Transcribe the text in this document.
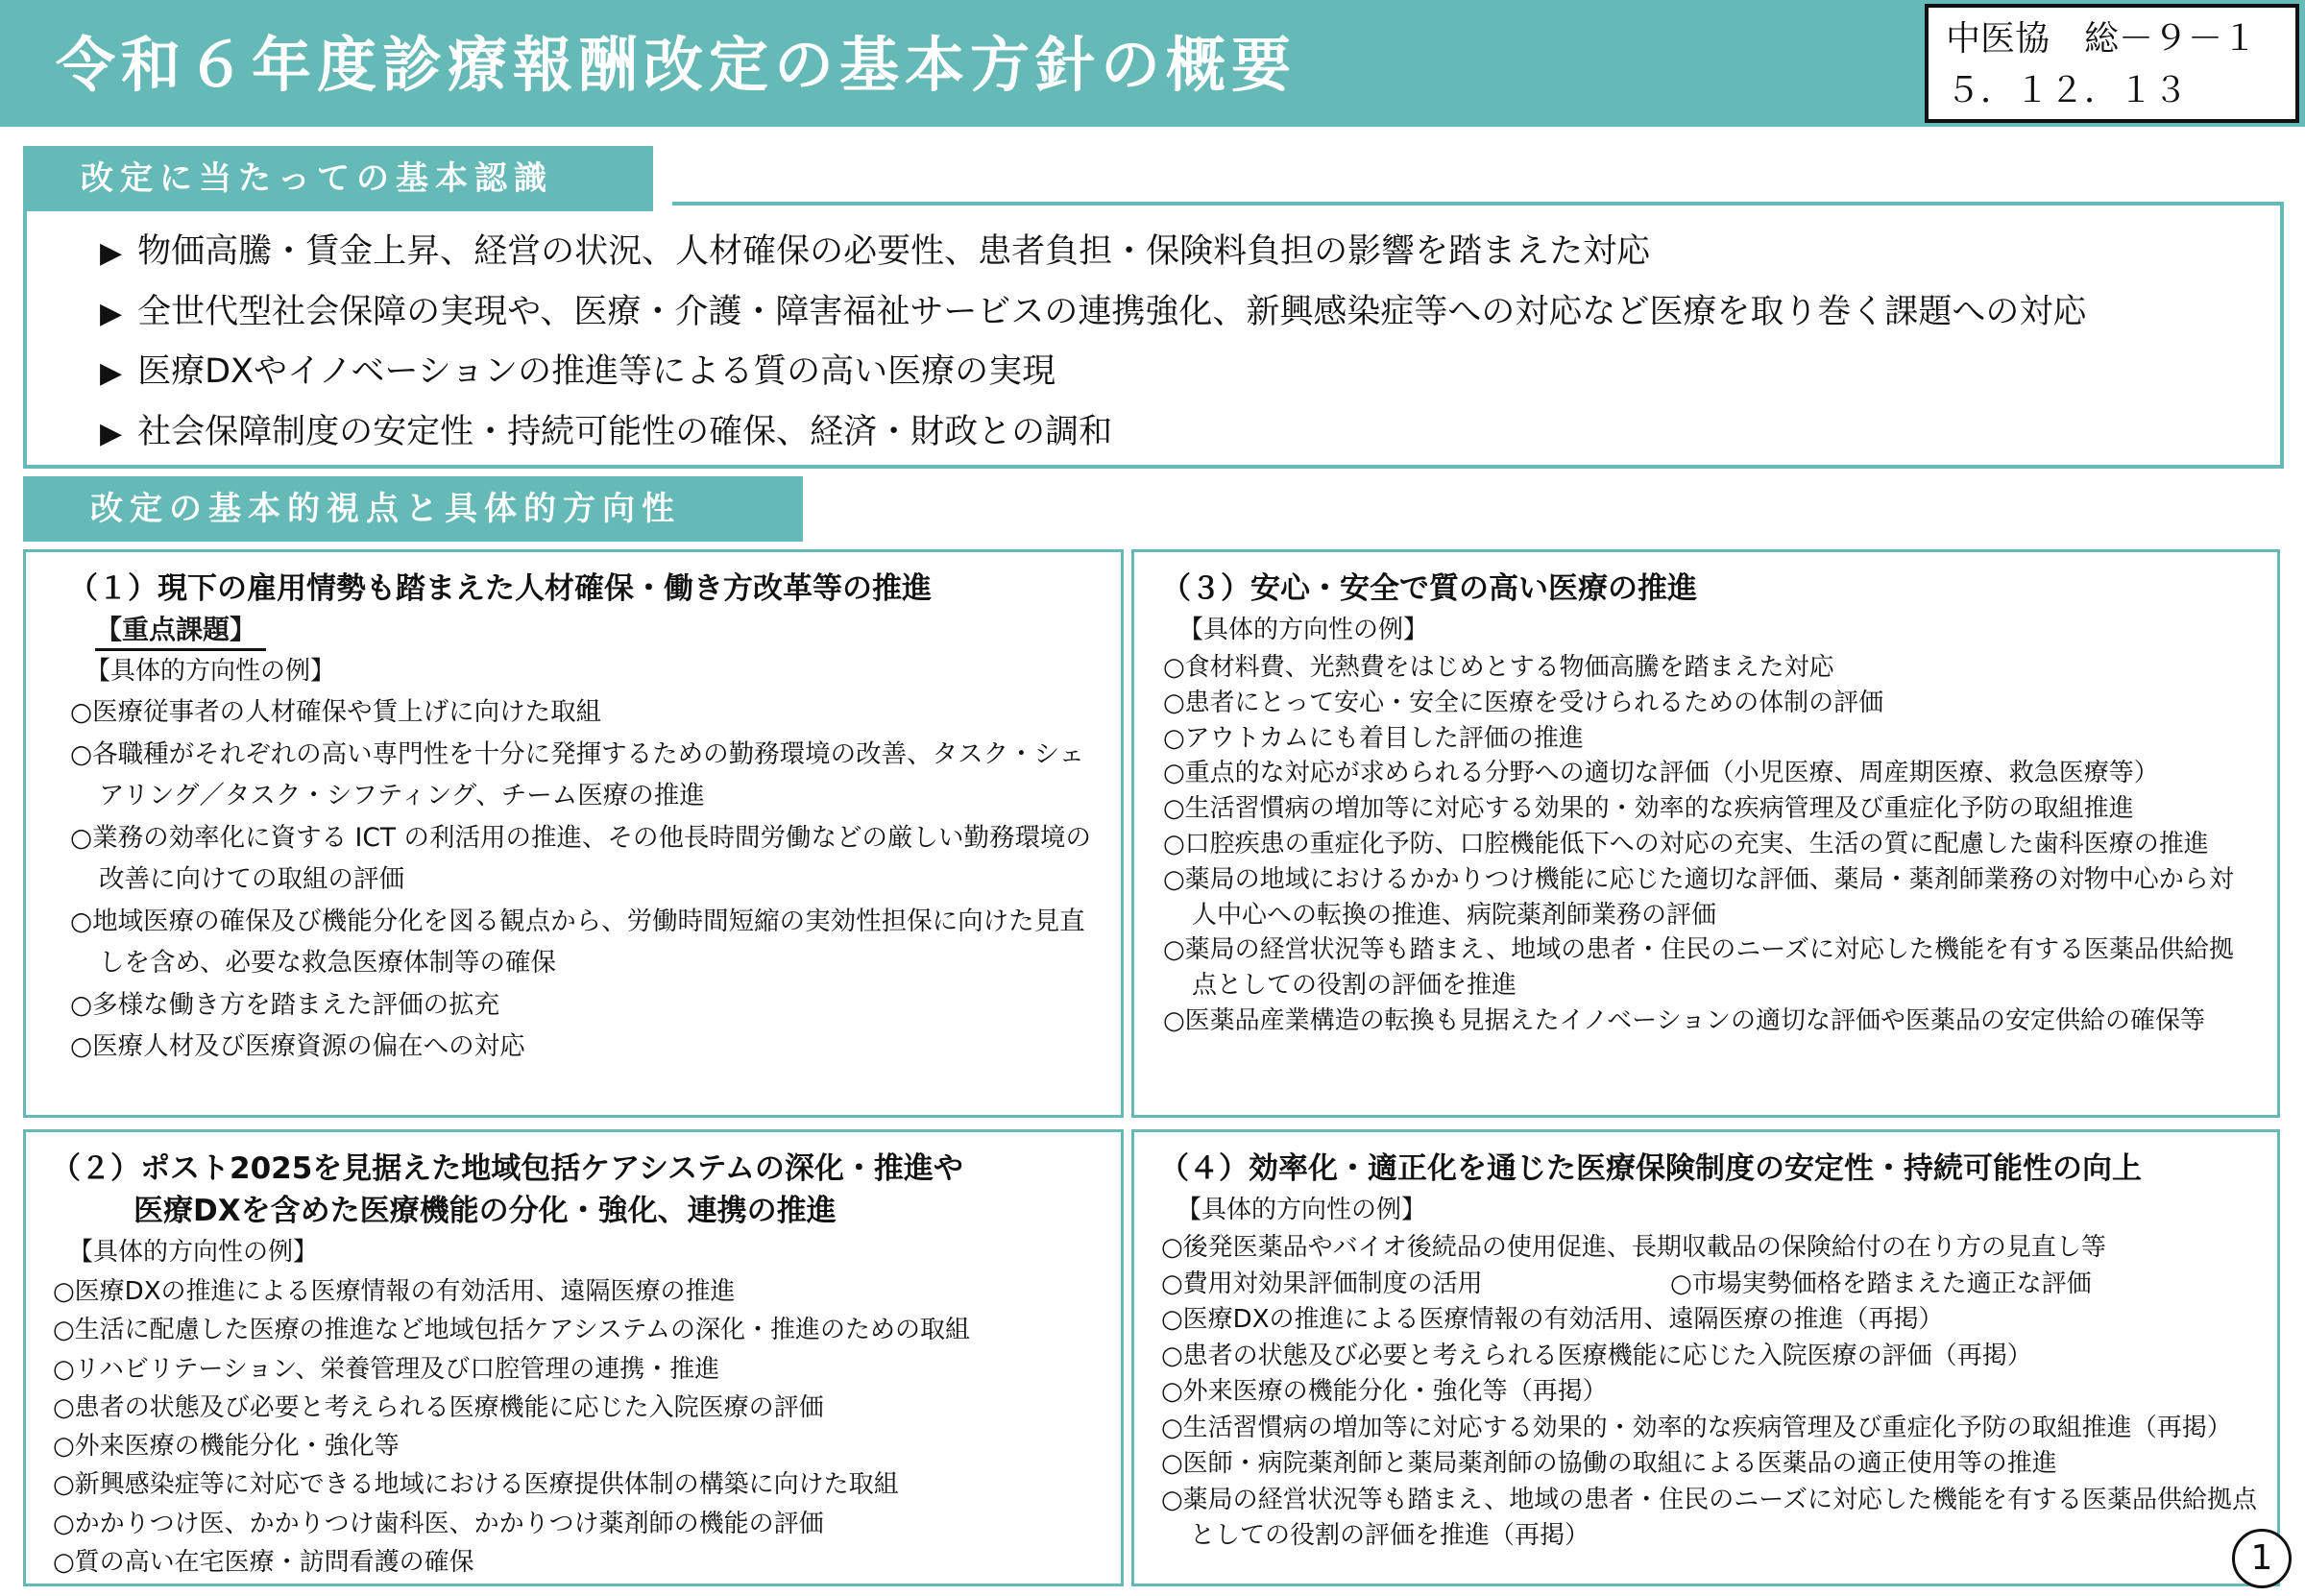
令和６年度診療報酬改定の基本方針の概要	中医協　総－９－１
５．１２．１３
改定に当たっての基本認識
▶ 物価高騰・賃金上昇、経営の状況、人材確保の必要性、患者負担・保険料負担の影響を踏まえた対応
▶ 全世代型社会保障の実現や、医療・介護・障害福祉サービスの連携強化、新興感染症等への対応など医療を取り巻く課題への対応
▶ 医療DXやイノベーションの推進等による質の高い医療の実現
▶ 社会保障制度の安定性・持続可能性の確保、経済・財政との調和
改定の基本的視点と具体的方向性
（１）現下の雇用情勢も踏まえた人材確保・働き方改革等の推進
【重点課題】
【具体的方向性の例】
○医療従事者の人材確保や賃上げに向けた取組
○各職種がそれぞれの高い専門性を十分に発揮するための勤務環境の改善、タスク・シェアリング／タスク・シフティング、チーム医療の推進
○業務の効率化に資する ICT の利活用の推進、その他長時間労働などの厳しい勤務環境の改善に向けての取組の評価
○地域医療の確保及び機能分化を図る観点から、労働時間短縮の実効性担保に向けた見直しを含め、必要な救急医療体制等の確保
○多様な働き方を踏まえた評価の拡充
○医療人材及び医療資源の偏在への対応
（３）安心・安全で質の高い医療の推進
【具体的方向性の例】
○食材料費、光熱費をはじめとする物価高騰を踏まえた対応
○患者にとって安心・安全に医療を受けられるための体制の評価
○アウトカムにも着目した評価の推進
○重点的な対応が求められる分野への適切な評価（小児医療、周産期医療、救急医療等）
○生活習慣病の増加等に対応する効果的・効率的な疾病管理及び重症化予防の取組推進
○口腔疾患の重症化予防、口腔機能低下への対応の充実、生活の質に配慮した歯科医療の推進
○薬局の地域におけるかかりつけ機能に応じた適切な評価、薬局・薬剤師業務の対物中心から対人中心への転換の推進、病院薬剤師業務の評価
○薬局の経営状況等も踏まえ、地域の患者・住民のニーズに対応した機能を有する医薬品供給拠点としての役割の評価を推進
○医薬品産業構造の転換も見据えたイノベーションの適切な評価や医薬品の安定供給の確保等
（２）ポスト2025を見据えた地域包括ケアシステムの深化・推進や
医療DXを含めた医療機能の分化・強化、連携の推進
【具体的方向性の例】
○医療DXの推進による医療情報の有効活用、遠隔医療の推進
○生活に配慮した医療の推進など地域包括ケアシステムの深化・推進のための取組
○リハビリテーション、栄養管理及び口腔管理の連携・推進
○患者の状態及び必要と考えられる医療機能に応じた入院医療の評価
○外来医療の機能分化・強化等
○新興感染症等に対応できる地域における医療提供体制の構築に向けた取組
○かかりつけ医、かかりつけ歯科医、かかりつけ薬剤師の機能の評価
○質の高い在宅医療・訪問看護の確保
（４）効率化・適正化を通じた医療保険制度の安定性・持続可能性の向上
【具体的方向性の例】
○後発医薬品やバイオ後続品の使用促進、長期収載品の保険給付の在り方の見直し等
○費用対効果評価制度の活用	○市場実勢価格を踏まえた適正な評価
○医療DXの推進による医療情報の有効活用、遠隔医療の推進（再掲）
○患者の状態及び必要と考えられる医療機能に応じた入院医療の評価（再掲）
○外来医療の機能分化・強化等（再掲）
○生活習慣病の増加等に対応する効果的・効率的な疾病管理及び重症化予防の取組推進（再掲）
○医師・病院薬剤師と薬局薬剤師の協働の取組による医薬品の適正使用等の推進
○薬局の経営状況等も踏まえ、地域の患者・住民のニーズに対応した機能を有する医薬品供給拠点としての役割の評価を推進（再掲）
1
